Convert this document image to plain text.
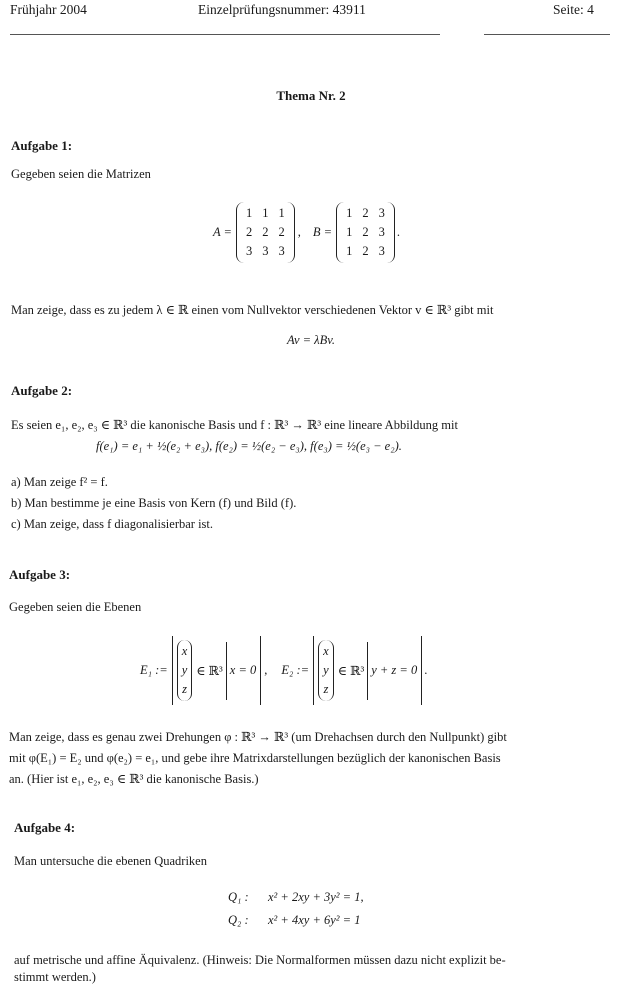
Frühjahr 2004	Einzelprüfungsnummer: 43911	Seite: 4
Thema Nr. 2
Aufgabe 1:
Gegeben seien die Matrizen
A =
1	1	1
2	2	2
3	3	3
, B =
1	2	3
1	2	3
1	2	3
.
Man zeige, dass es zu jedem λ ∈ ℝ einen vom Nullvektor verschiedenen Vektor v ∈ ℝ³ gibt mit
Av = λBv.
Aufgabe 2:
Es seien e₁, e₂, e₃ ∈ ℝ³ die kanonische Basis und f : ℝ³ → ℝ³ eine lineare Abbildung mit
f(e₁) = e₁ + ½(e₂ + e₃), f(e₂) = ½(e₂ − e₃), f(e₃) = ½(e₃ − e₂).
a) Man zeige f² = f.
b) Man bestimme je eine Basis von Kern (f) und Bild (f).
c) Man zeige, dass f diagonalisierbar ist.
Aufgabe 3:
Gegeben seien die Ebenen
E₁ :=
x
y
z
∈ ℝ³ x = 0 , E₂ :=
x
y
z
∈ ℝ³ y + z = 0 .
Man zeige, dass es genau zwei Drehungen φ : ℝ³ → ℝ³ (um Drehachsen durch den Nullpunkt) gibt
mit φ(E₁) = E₂ und φ(e₂) = e₁, und gebe ihre Matrixdarstellungen bezüglich der kanonischen Basis
an. (Hier ist e₁, e₂, e₃ ∈ ℝ³ die kanonische Basis.)
Aufgabe 4:
Man untersuche die ebenen Quadriken
Q₁ : x² + 2xy + 3y² = 1,
Q₂ : x² + 4xy + 6y² = 1
auf metrische und affine Äquivalenz. (Hinweis: Die Normalformen müssen dazu nicht explizit be-
stimmt werden.)
